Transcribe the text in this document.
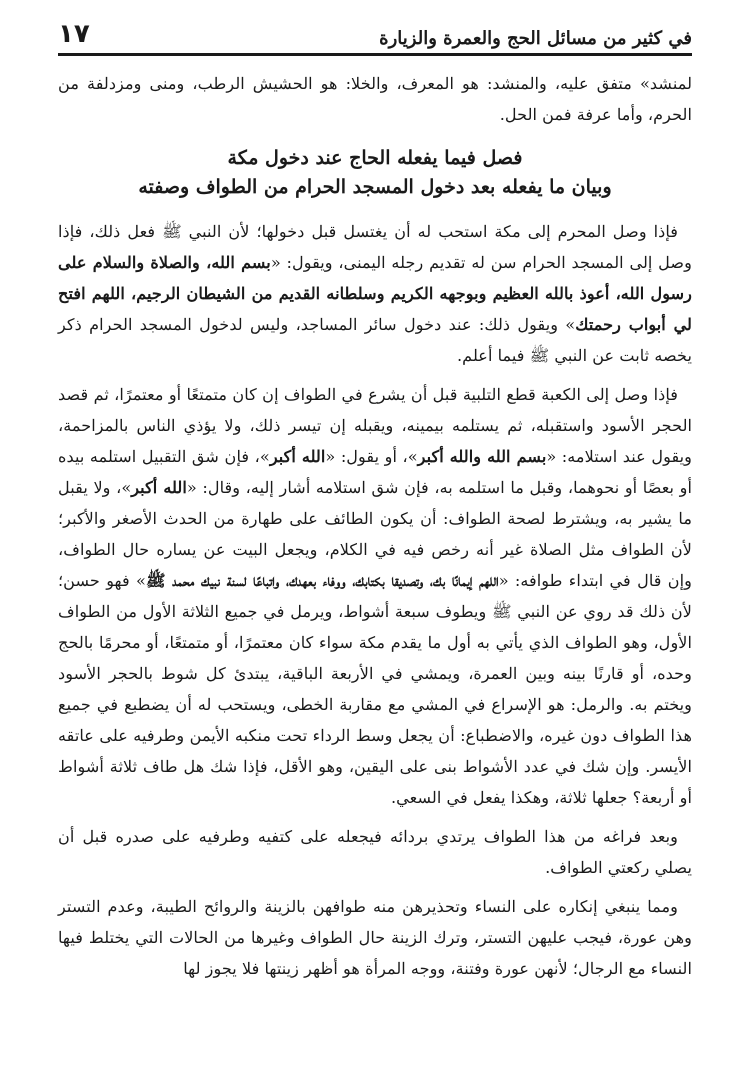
في كثير من مسائل الحج والعمرة والزيارة
١٧

لمنشد» متفق عليه، والمنشد: هو المعرف، والخلا: هو الحشيش الرطب، ومنى ومزدلفة من الحرم، وأما عرفة فمن الحل.

فصل فيما يفعله الحاج عند دخول مكة
وبيان ما يفعله بعد دخول المسجد الحرام من الطواف وصفته

فإذا وصل المحرم إلى مكة استحب له أن يغتسل قبل دخولها؛ لأن النبي ﷺ فعل ذلك، فإذا وصل إلى المسجد الحرام سن له تقديم رجله اليمنى، ويقول: «بسم الله، والصلاة والسلام على رسول الله، أعوذ بالله العظيم وبوجهه الكريم وسلطانه القديم من الشيطان الرجيم، اللهم افتح لي أبواب رحمتك» ويقول ذلك: عند دخول سائر المساجد، وليس لدخول المسجد الحرام ذكر يخصه ثابت عن النبي ﷺ فيما أعلم.

فإذا وصل إلى الكعبة قطع التلبية قبل أن يشرع في الطواف إن كان متمتعًا أو معتمرًا، ثم قصد الحجر الأسود واستقبله، ثم يستلمه بيمينه، ويقبله إن تيسر ذلك، ولا يؤذي الناس بالمزاحمة، ويقول عند استلامه: «بسم الله والله أكبر»، أو يقول: «الله أكبر»، فإن شق التقبيل استلمه بيده أو بعصًا أو نحوهما، وقبل ما استلمه به، فإن شق استلامه أشار إليه، وقال: «الله أكبر»، ولا يقبل ما يشير به، ويشترط لصحة الطواف: أن يكون الطائف على طهارة من الحدث الأصغر والأكبر؛ لأن الطواف مثل الصلاة غير أنه رخص فيه في الكلام، ويجعل البيت عن يساره حال الطواف، وإن قال في ابتداء طوافه: «اللهم إيمانًا بك، وتصديقا بكتابك، ووفاء بعهدك، واتباعًا لسنة نبيك محمد ﷺ» فهو حسن؛ لأن ذلك قد روي عن النبي ﷺ ويطوف سبعة أشواط، ويرمل في جميع الثلاثة الأول من الطواف الأول، وهو الطواف الذي يأتي به أول ما يقدم مكة سواء كان معتمرًا، أو متمتعًا، أو محرمًا بالحج وحده، أو قارنًا بينه وبين العمرة، ويمشي في الأربعة الباقية، يبتدئ كل شوط بالحجر الأسود ويختم به. والرمل: هو الإسراع في المشي مع مقاربة الخطى، ويستحب له أن يضطبع في جميع هذا الطواف دون غيره، والاضطباع: أن يجعل وسط الرداء تحت منكبه الأيمن وطرفيه على عاتقه الأيسر. وإن شك في عدد الأشواط بنى على اليقين، وهو الأقل، فإذا شك هل طاف ثلاثة أشواط أو أربعة؟ جعلها ثلاثة، وهكذا يفعل في السعي.

وبعد فراغه من هذا الطواف يرتدي بردائه فيجعله على كتفيه وطرفيه على صدره قبل أن يصلي ركعتي الطواف.

ومما ينبغي إنكاره على النساء وتحذيرهن منه طوافهن بالزينة والروائح الطيبة، وعدم التستر وهن عورة، فيجب عليهن التستر، وترك الزينة حال الطواف وغيرها من الحالات التي يختلط فيها النساء مع الرجال؛ لأنهن عورة وفتنة، ووجه المرأة هو أظهر زينتها فلا يجوز لها
